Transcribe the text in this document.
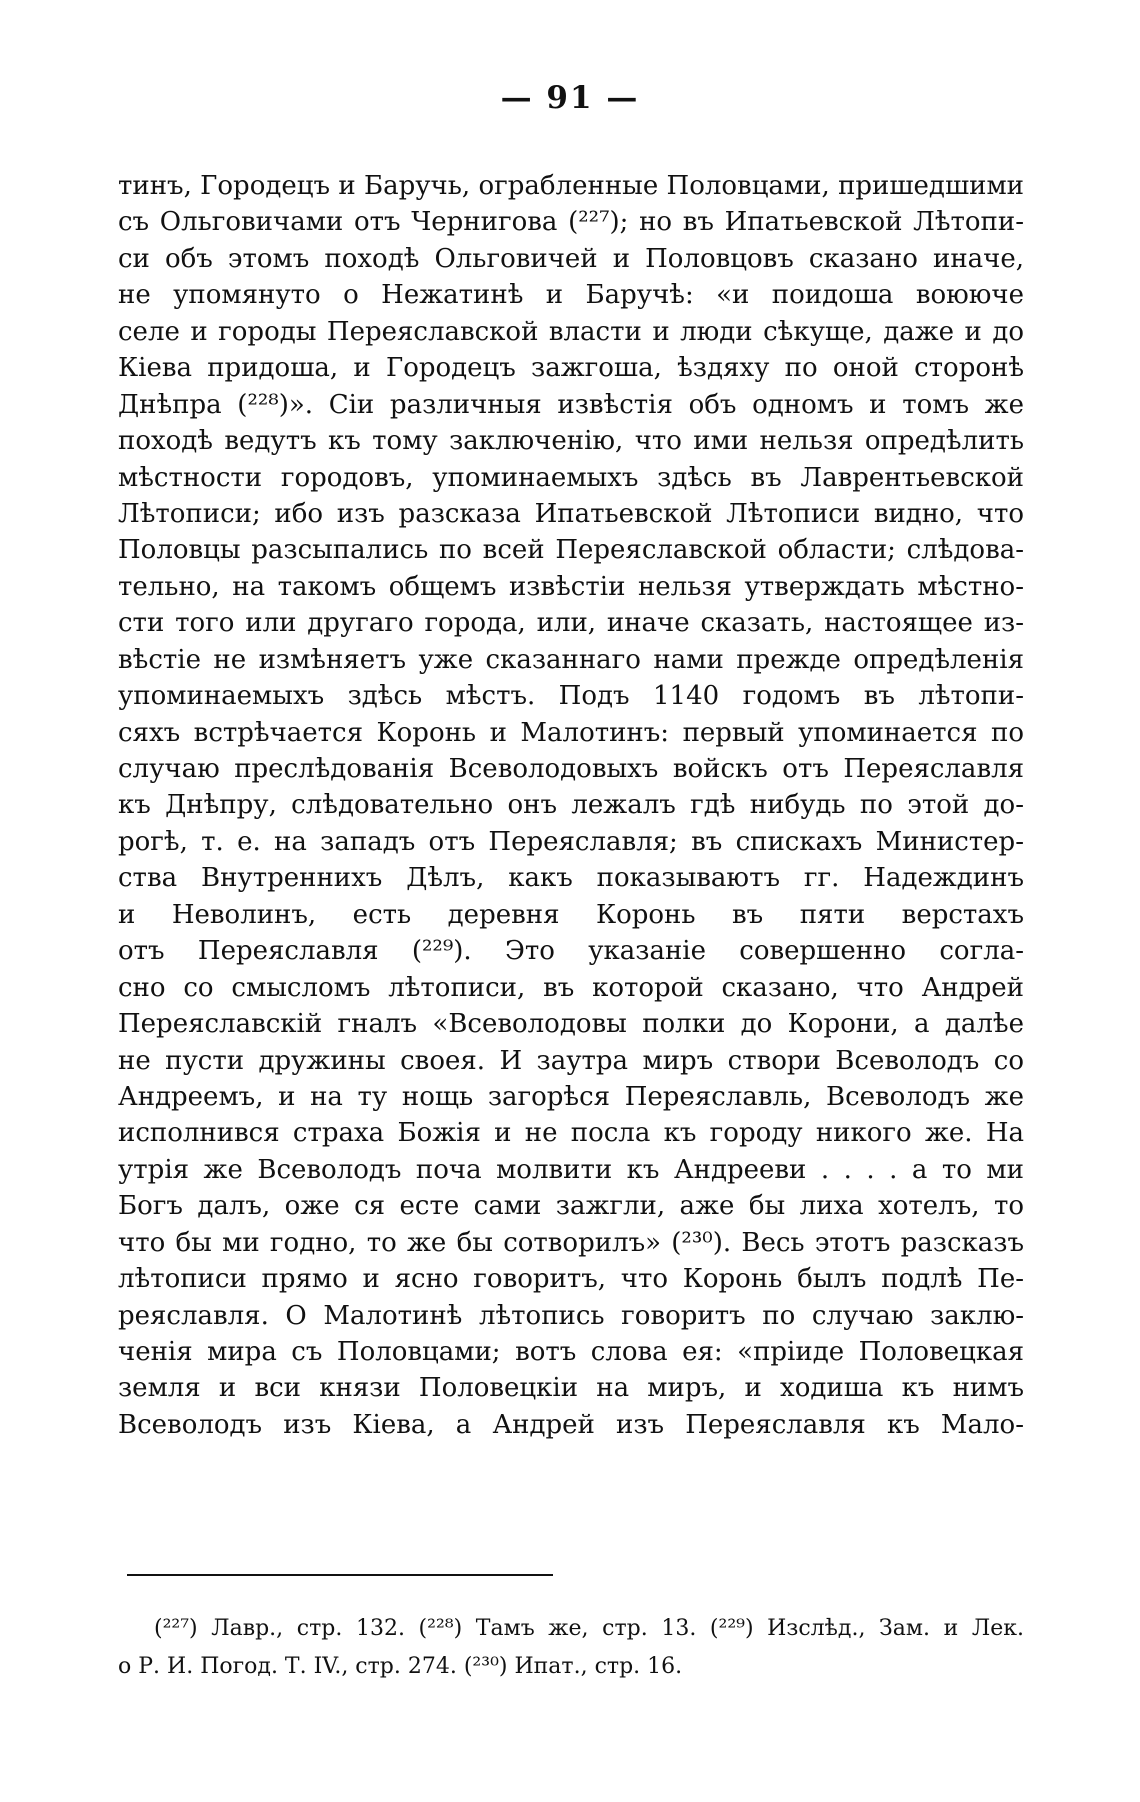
— 91 —
тинъ, Городецъ и Баручь, ограбленные Половцами, пришедшими
съ Ольговичами отъ Чернигова (²²⁷); но въ Ипатьевской Лѣтопи-
си объ этомъ походѣ Ольговичей и Половцовъ сказано иначе,
не упомянуто о Нежатинѣ и Баручѣ: «и поидоша воююче
селе и городы Переяславской власти и люди сѣкуще, даже и до
Кiева придоша, и Городецъ зажгоша, ѣздяху по оной сторонѣ
Днѣпра (²²⁸)». Сiи различныя извѣстiя объ одномъ и томъ же
походѣ ведутъ къ тому заключенiю, что ими нельзя опредѣлить
мѣстности городовъ, упоминаемыхъ здѣсь въ Лаврентьевской
Лѣтописи; ибо изъ разсказа Ипатьевской Лѣтописи видно, что
Половцы разсыпались по всей Переяславской области; слѣдова-
тельно, на такомъ общемъ извѣстiи нельзя утверждать мѣстно-
сти того или другаго города, или, иначе сказать, настоящее из-
вѣстiе не измѣняетъ уже сказаннаго нами прежде опредѣленiя
упоминаемыхъ здѣсь мѣстъ. Подъ 1140 годомъ въ лѣтопи-
сяхъ встрѣчается Коронь и Малотинъ: первый упоминается по
случаю преслѣдованiя Всеволодовыхъ войскъ отъ Переяславля
къ Днѣпру, слѣдовательно онъ лежалъ гдѣ нибудь по этой до-
рогѣ, т. е. на западъ отъ Переяславля; въ спискахъ Министер-
ства Внутреннихъ Дѣлъ, какъ показываютъ гг. Надеждинъ
и Неволинъ, есть деревня Коронь въ пяти верстахъ
отъ Переяславля (²²⁹). Это указанiе совершенно согла-
сно со смысломъ лѣтописи, въ которой сказано, что Андрей
Переяславскiй гналъ «Всеволодовы полки до Корони, а далѣе
не пусти дружины своея. И заутра миръ створи Всеволодъ со
Андреемъ, и на ту нощь загорѣся Переяславль, Всеволодъ же
исполнився страха Божiя и не посла къ городу никого же. На
утрiя же Всеволодъ поча молвити къ Андрееви . . . . а то ми
Богъ далъ, оже ся есте сами зажгли, аже бы лиха хотелъ, то
что бы ми годно, то же бы сотворилъ» (²³⁰). Весь этотъ разсказъ
лѣтописи прямо и ясно говоритъ, что Коронь былъ подлѣ Пе-
реяславля. О Малотинѣ лѣтопись говоритъ по случаю заклю-
ченiя мира съ Половцами; вотъ слова ея: «прiиде Половецкая
земля и вси князи Половецкiи на миръ, и ходиша къ нимъ
Всеволодъ изъ Кiева, а Андрей изъ Переяславля къ Мало-
(²²⁷) Лавр., стр. 132. (²²⁸) Тамъ же, стр. 13. (²²⁹) Изслѣд., Зам. и Лек.
о Р. И. Погод. Т. IV., стр. 274. (²³⁰) Ипат., стр. 16.
